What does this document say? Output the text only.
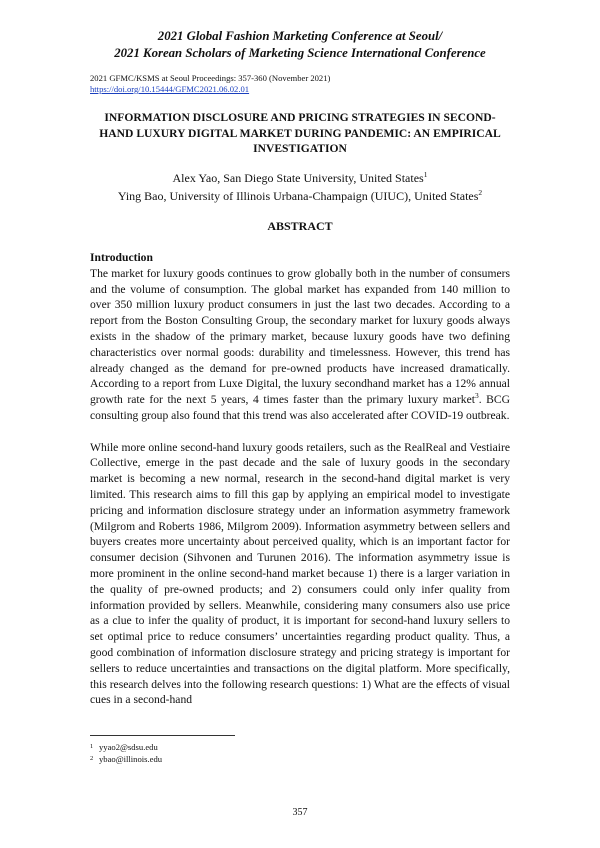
2021 Global Fashion Marketing Conference at Seoul/
2021 Korean Scholars of Marketing Science International Conference
2021 GFMC/KSMS at Seoul Proceedings: 357-360 (November 2021)
https://doi.org/10.15444/GFMC2021.06.02.01
INFORMATION DISCLOSURE AND PRICING STRATEGIES IN SECOND-HAND LUXURY DIGITAL MARKET DURING PANDEMIC: AN EMPIRICAL INVESTIGATION
Alex Yao, San Diego State University, United States$^1$
Ying Bao, University of Illinois Urbana-Champaign (UIUC), United States$^2$
ABSTRACT
Introduction

The market for luxury goods continues to grow globally both in the number of consumers and the volume of consumption. The global market has expanded from 140 million to over 350 million luxury product consumers in just the last two decades. According to a report from the Boston Consulting Group, the secondary market for luxury goods always exists in the shadow of the primary market, because luxury goods have two defining characteristics over normal goods: durability and timelessness. However, this trend has already changed as the demand for pre-owned products have increased dramatically. According to a report from Luxe Digital, the luxury secondhand market has a 12% annual growth rate for the next 5 years, 4 times faster than the primary luxury market$^3$. BCG consulting group also found that this trend was also accelerated after COVID-19 outbreak.

While more online second-hand luxury goods retailers, such as the RealReal and Vestiaire Collective, emerge in the past decade and the sale of luxury goods in the secondary market is becoming a new normal, research in the second-hand digital market is very limited. This research aims to fill this gap by applying an empirical model to investigate pricing and information disclosure strategy under an information asymmetry framework (Milgrom and Roberts 1986, Milgrom 2009). Information asymmetry between sellers and buyers creates more uncertainty about perceived quality, which is an important factor for consumer decision (Sihvonen and Turunen 2016). The information asymmetry issue is more prominent in the online second-hand market because 1) there is a larger variation in the quality of pre-owned products; and 2) consumers could only infer quality from information provided by sellers. Meanwhile, considering many consumers also use price as a clue to infer the quality of product, it is important for second-hand luxury sellers to set optimal price to reduce consumers’ uncertainties regarding product quality. Thus, a good combination of information disclosure strategy and pricing strategy is important for sellers to reduce uncertainties and transactions on the digital platform. More specifically, this research delves into the following research questions: 1) What are the effects of visual cues in a second-hand

1 yyao2@sdsu.edu
2 ybao@illinois.edu
357
